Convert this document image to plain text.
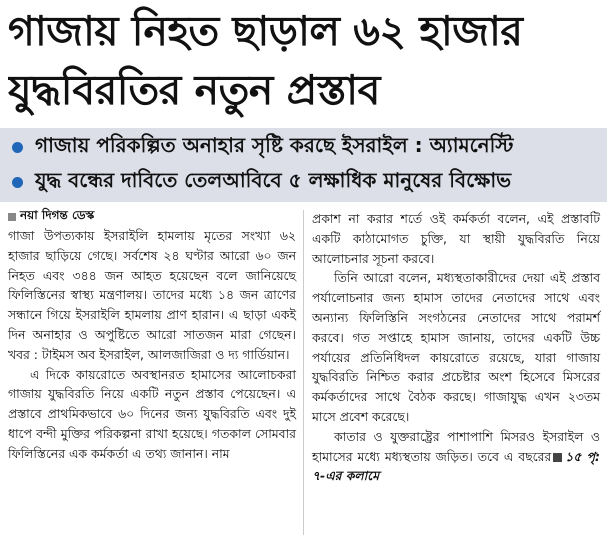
গাজায় নিহত ছাড়াল ৬২ হাজার
যুদ্ধবিরতির নতুন প্রস্তাব
গাজায় পরিকল্পিত অনাহার সৃষ্টি করছে ইসরাইল : অ্যামনেস্টি
যুদ্ধ বন্ধের দাবিতে তেলআবিবে ৫ লক্ষাধিক মানুষের বিক্ষোভ
নয়া দিগন্ত ডেস্ক

গাজা উপত্যকায় ইসরাইলি হামলায় মৃতের সংখ্যা ৬২ হাজার ছাড়িয়ে গেছে। সর্বশেষ ২৪ ঘণ্টার আরো ৬০ জন নিহত এবং ৩৪৪ জন আহত হয়েছেন বলে জানিয়েছে ফিলিস্তিনের স্বাস্থ্য মন্ত্রণালয়। তাদের মধ্যে ১৪ জন ত্রাণের সন্ধানে গিয়ে ইসরাইলি হামলায় প্রাণ হারান। এ ছাড়া একই দিন অনাহার ও অপুষ্টিতে আরো সাতজন মারা গেছেন। খবর : টাইমস অব ইসরাইল, আলজাজিরা ও দ্য গার্ডিয়ান।

এ দিকে কায়রোতে অবস্থানরত হামাসের আলোচকরা গাজায় যুদ্ধবিরতি নিয়ে একটি নতুন প্রস্তাব পেয়েছেন। এ প্রস্তাবে প্রাথমিকভাবে ৬০ দিনের জন্য যুদ্ধবিরতি এবং দুই ধাপে বন্দী মুক্তির পরিকল্পনা রাখা হয়েছে। গতকাল সোমবার ফিলিস্তিনের এক কর্মকর্তা এ তথ্য জানান। নাম

প্রকাশ না করার শর্তে ওই কর্মকর্তা বলেন, এই প্রস্তাবটি একটি কাঠামোগত চুক্তি, যা স্থায়ী যুদ্ধবিরতি নিয়ে আলোচনার সূচনা করবে।

তিনি আরো বলেন, মধ্যস্থতাকারীদের দেয়া এই প্রস্তাব পর্যালোচনার জন্য হামাস তাদের নেতাদের সাথে এবং অন্যান্য ফিলিস্তিনি সংগঠনের নেতাদের সাথে পরামর্শ করবে। গত সপ্তাহে হামাস জানায়, তাদের একটি উচ্চ পর্যায়ের প্রতিনিধিদল কায়রোতে রয়েছে, যারা গাজায় যুদ্ধবিরতি নিশ্চিত করার প্রচেষ্টার অংশ হিসেবে মিসরের কর্মকর্তাদের সাথে বৈঠক করছে। গাজাযুদ্ধ এখন ২৩তম মাসে প্রবেশ করেছে।

কাতার ও যুক্তরাষ্ট্রের পাশাপাশি মিসরও ইসরাইল ও হামাসের মধ্যে মধ্যস্থতায় জড়িত। তবে এ বছরের ১৫ পৃ: ৭-এর কলামে
